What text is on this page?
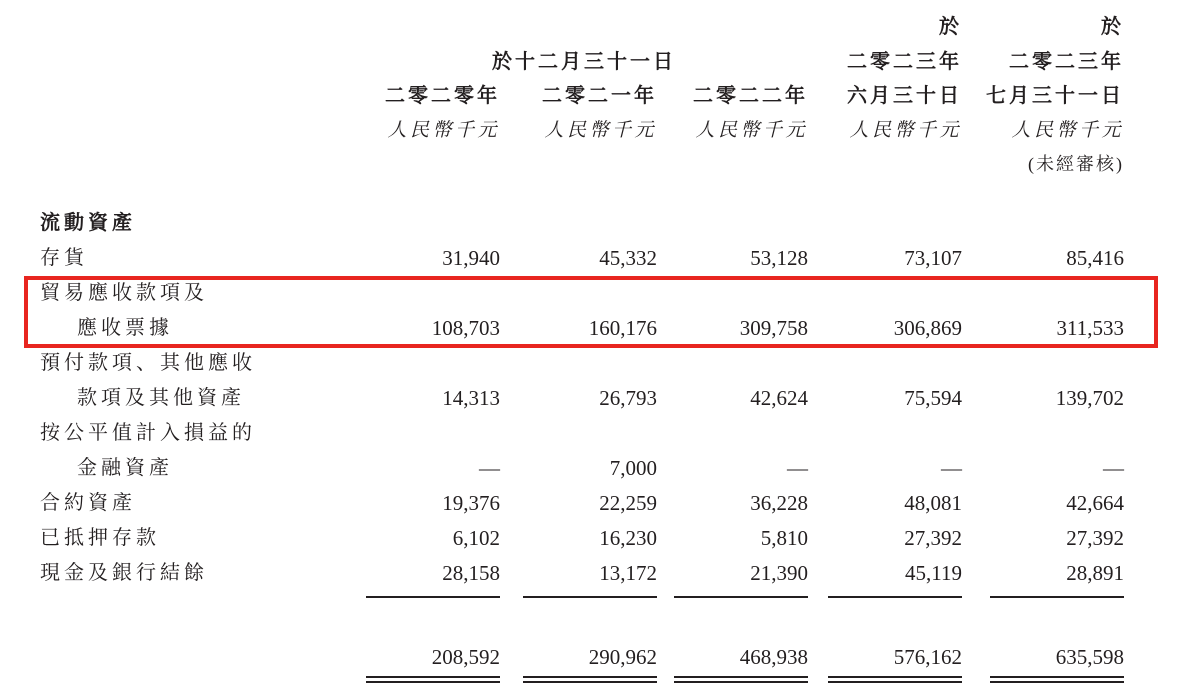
				於	於
	於十二月三十一日			二零二三年	二零二三年
	二零二零年	二零二一年	二零二二年	六月三十日	七月三十一日
	人民幣千元	人民幣千元	人民幣千元	人民幣千元	人民幣千元
					(未經審核)

流動資產					
存貨	31,940	45,332	53,128	73,107	85,416
貿易應收款項及					
應收票據	108,703	160,176	309,758	306,869	311,533
預付款項、其他應收					
款項及其他資產	14,313	26,793	42,624	75,594	139,702
按公平值計入損益的					
金融資產	—	7,000	—	—	—
合約資產	19,376	22,259	36,228	48,081	42,664
已抵押存款	6,102	16,230	5,810	27,392	27,392
現金及銀行結餘	28,158	13,172	21,390	45,119	28,891

	208,592	290,962	468,938	576,162	635,598
